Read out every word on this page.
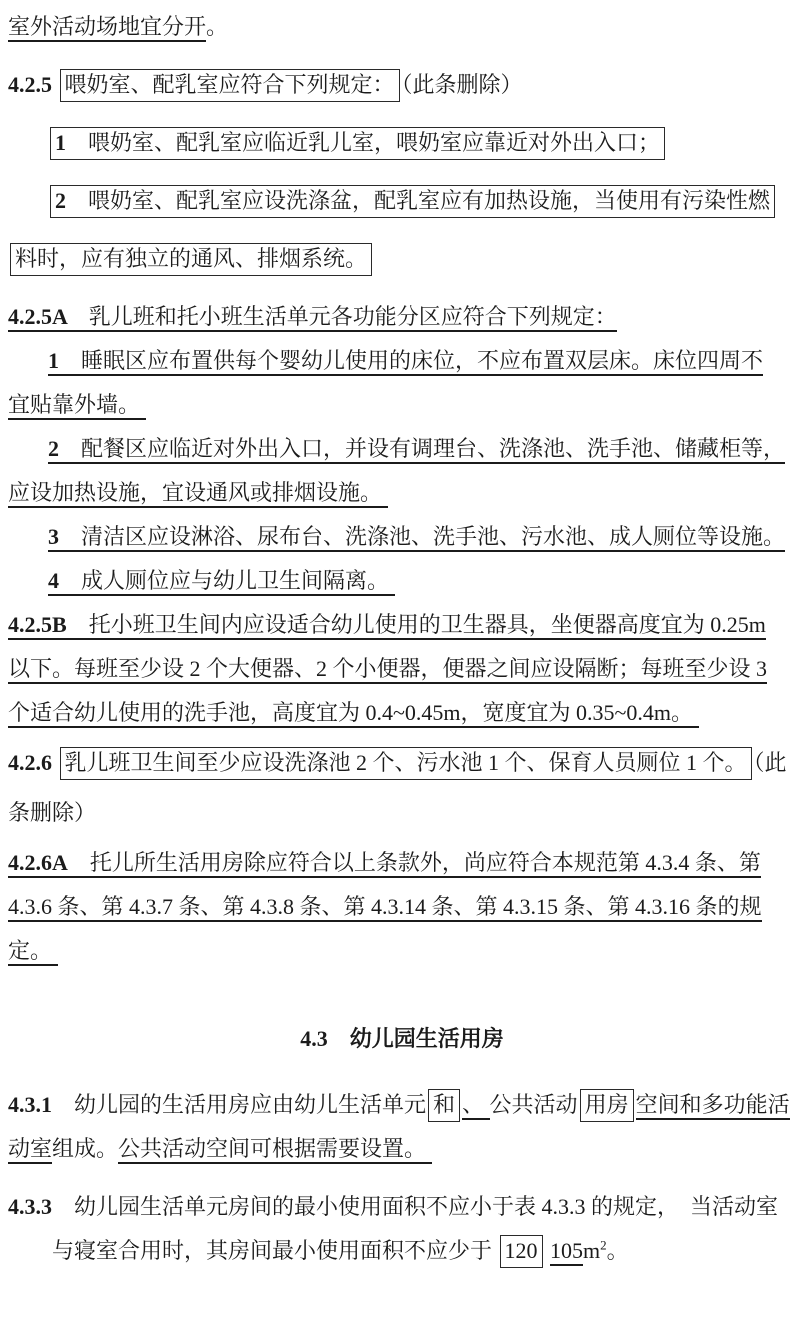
室外活动场地宜分开。
4.2.5 喂奶室、配乳室应符合下列规定： （此条删除）
1　喂奶室、配乳室应临近乳儿室，喂奶室应靠近对外出入口；
2　喂奶室、配乳室应设洗涤盆，配乳室应有加热设施，当使用有污染性燃
料时，应有独立的通风、排烟系统。
4.2.5A　乳儿班和托小班生活单元各功能分区应符合下列规定：
1　睡眠区应布置供每个婴幼儿使用的床位，不应布置双层床。床位四周不
宜贴靠外墙。
2　配餐区应临近对外出入口，并设有调理台、洗涤池、洗手池、储藏柜等，
应设加热设施，宜设通风或排烟设施。
3　清洁区应设淋浴、尿布台、洗涤池、洗手池、污水池、成人厕位等设施。
4　成人厕位应与幼儿卫生间隔离。
4.2.5B　托小班卫生间内应设适合幼儿使用的卫生器具，坐便器高度宜为 0.25m
以下。每班至少设 2 个大便器、2 个小便器，便器之间应设隔断；每班至少设 3
个适合幼儿使用的洗手池，高度宜为 0.4~0.45m，宽度宜为 0.35~0.4m。
4.2.6 乳儿班卫生间至少应设洗涤池 2 个、污水池 1 个、保育人员厕位 1 个。 （此
条删除）
4.2.6A　托儿所生活用房除应符合以上条款外，尚应符合本规范第 4.3.4 条、第
4.3.6 条、第 4.3.7 条、第 4.3.8 条、第 4.3.14 条、第 4.3.15 条、第 4.3.16 条的规
定。
4.3　幼儿园生活用房
4.3.1　幼儿园的生活用房应由幼儿生活单元 和 、 公共活动 用房 空间和多功能活
动室组成。公共活动空间可根据需要设置。
4.3.3　幼儿园生活单元房间的最小使用面积不应小于表 4.3.3 的规定，  当活动室
与寝室合用时，其房间最小使用面积不应少于 120 $105m^2$。
